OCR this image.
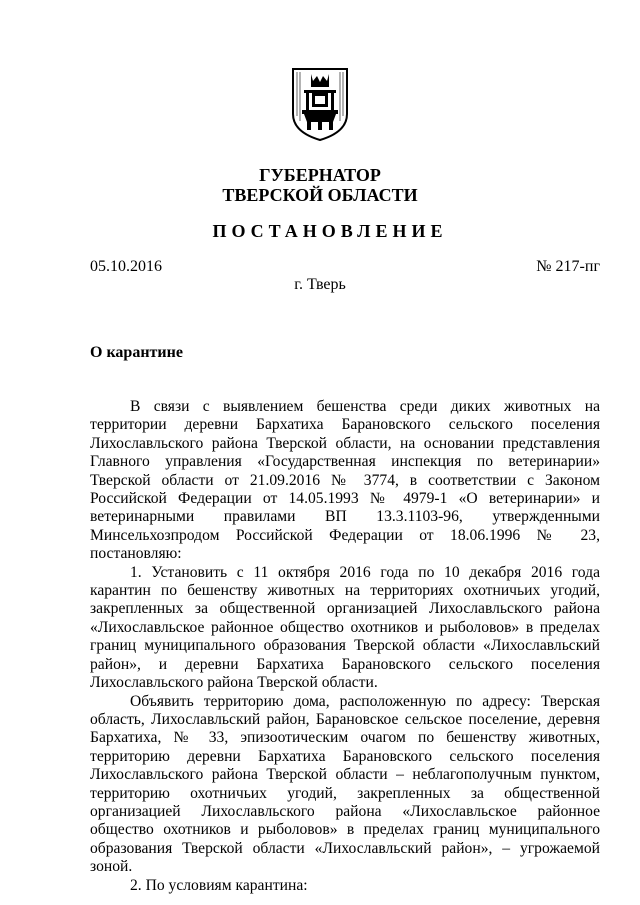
ГУБЕРНАТОР
ТВЕРСКОЙ ОБЛАСТИ
ПОСТАНОВЛЕНИЕ
05.10.2016	№ 217-пг
г. Тверь
О карантине

В связи с выявлением бешенства среди диких животных на территории деревни Бархатиха Барановского сельского поселения Лихославльского района Тверской области, на основании представления Главного управления «Государственная инспекция по ветеринарии» Тверской области от 21.09.2016 № 3774, в соответствии с Законом Российской Федерации от 14.05.1993 № 4979-1 «О ветеринарии» и ветеринарными правилами ВП 13.3.1103-96, утвержденными Минсельхозпродом Российской Федерации от 18.06.1996 № 23, постановляю:

1. Установить с 11 октября 2016 года по 10 декабря 2016 года карантин по бешенству животных на территориях охотничьих угодий, закрепленных за общественной организацией Лихославльского района «Лихославльское районное общество охотников и рыболовов» в пределах границ муниципального образования Тверской области «Лихославльский район», и деревни Бархатиха Барановского сельского поселения Лихославльского района Тверской области.

Объявить территорию дома, расположенную по адресу: Тверская область, Лихославльский район, Барановское сельское поселение, деревня Бархатиха, № 33, эпизоотическим очагом по бешенству животных, территорию деревни Бархатиха Барановского сельского поселения Лихославльского района Тверской области – неблагополучным пунктом, территорию охотничьих угодий, закрепленных за общественной организацией Лихославльского района «Лихославльское районное общество охотников и рыболовов» в пределах границ муниципального образования Тверской области «Лихославльский район», – угрожаемой зоной.

2. По условиям карантина:
